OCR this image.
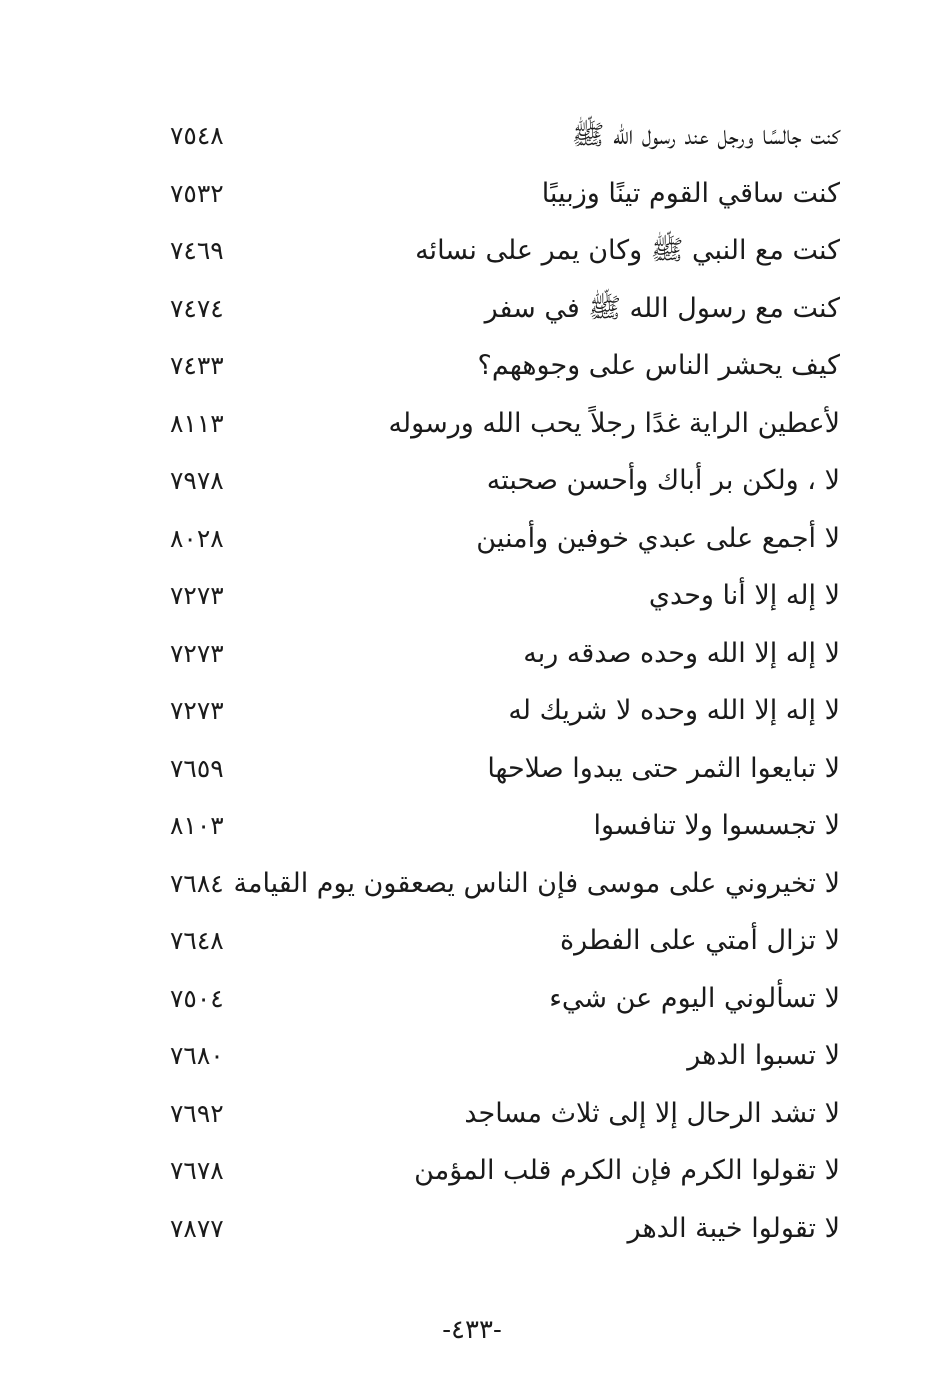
كنت جالسًا ورجل عند رسول الله ﷺ
٧٥٤٨
كنت ساقي القوم تينًا وزبيبًا
٧٥٣٢
كنت مع النبي ﷺ وكان يمر على نسائه
٧٤٦٩
كنت مع رسول الله ﷺ في سفر
٧٤٧٤
كيف يحشر الناس على وجوههم؟
٧٤٣٣
لأعطين الراية غدًا رجلاً يحب الله ورسوله
٨١١٣
لا ، ولكن بر أباك وأحسن صحبته
٧٩٧٨
لا أجمع على عبدي خوفين وأمنين
٨٠٢٨
لا إله إلا أنا وحدي
٧٢٧٣
لا إله إلا الله وحده صدقه ربه
٧٢٧٣
لا إله إلا الله وحده لا شريك له
٧٢٧٣
لا تبايعوا الثمر حتى يبدوا صلاحها
٧٦٥٩
لا تجسسوا ولا تنافسوا
٨١٠٣
لا تخيروني على موسى فإن الناس يصعقون يوم القيامة
٧٦٨٤
لا تزال أمتي على الفطرة
٧٦٤٨
لا تسألوني اليوم عن شيء
٧٥٠٤
لا تسبوا الدهر
٧٦٨٠
لا تشد الرحال إلا إلى ثلاث مساجد
٧٦٩٢
لا تقولوا الكرم فإن الكرم قلب المؤمن
٧٦٧٨
لا تقولوا خيبة الدهر
٧٨٧٧
-٤٣٣-
